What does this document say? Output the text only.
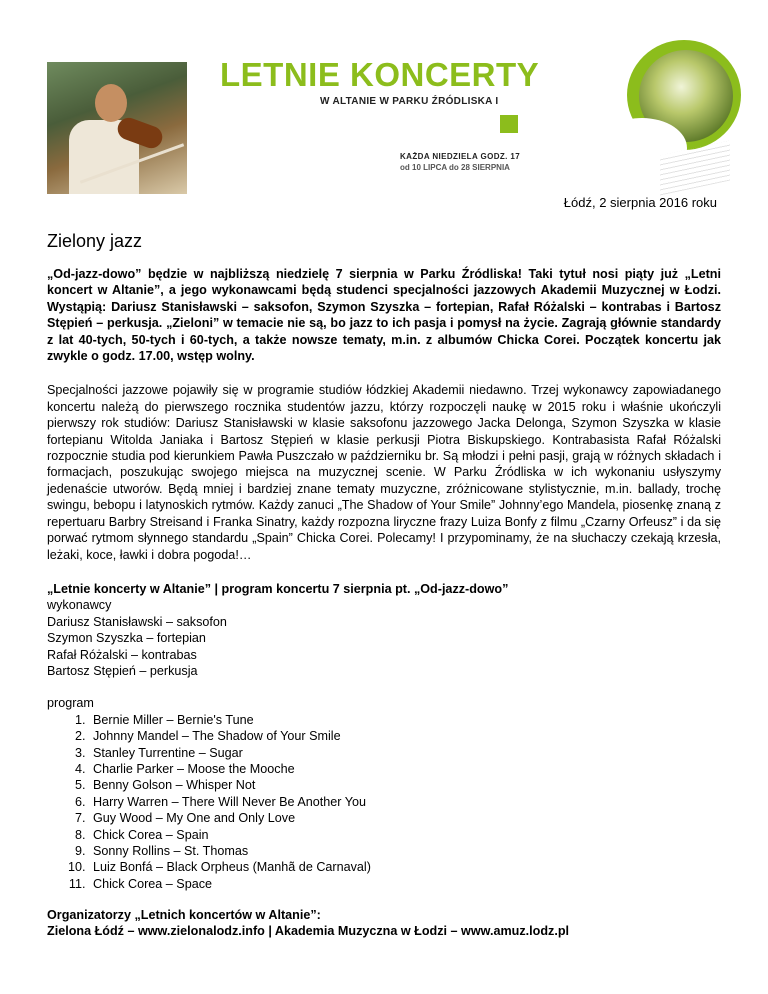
LETNIE KONCERTY
W ALTANIE W PARKU ŹRÓDLISKA I
KAŻDA NIEDZIELA GODZ. 17
od 10 LIPCA do 28 SIERPNIA
Łódź, 2 sierpnia 2016 roku
Zielony jazz

„Od-jazz-dowo” będzie w najbliższą niedzielę 7 sierpnia w Parku Źródliska! Taki tytuł nosi piąty już „Letni koncert w Altanie”, a jego wykonawcami będą studenci specjalności jazzowych Akademii Muzycznej w Łodzi. Wystąpią: Dariusz Stanisławski – saksofon, Szymon Szyszka – fortepian, Rafał Różalski – kontrabas i Bartosz Stępień – perkusja. „Zieloni” w temacie nie są, bo jazz to ich pasja i pomysł na życie. Zagrają głównie standardy z lat 40-tych, 50-tych i 60-tych, a także nowsze tematy, m.in. z albumów Chicka Corei. Początek koncertu jak zwykle o godz. 17.00, wstęp wolny.

Specjalności jazzowe pojawiły się w programie studiów łódzkiej Akademii niedawno. Trzej wykonawcy zapowiadanego koncertu należą do pierwszego rocznika studentów jazzu, którzy rozpoczęli naukę w 2015 roku i właśnie ukończyli pierwszy rok studiów: Dariusz Stanisławski w klasie saksofonu jazzowego Jacka Delonga, Szymon Szyszka w klasie fortepianu Witolda Janiaka i Bartosz Stępień w klasie perkusji Piotra Biskupskiego. Kontrabasista Rafał Różalski rozpocznie studia pod kierunkiem Pawła Puszczało w październiku br. Są młodzi i pełni pasji, grają w różnych składach i formacjach, poszukując swojego miejsca na muzycznej scenie. W Parku Źródliska w ich wykonaniu usłyszymy jedenaście utworów. Będą mniej i bardziej znane tematy muzyczne, zróżnicowane stylistycznie, m.in. ballady, trochę swingu, bebopu i latynoskich rytmów. Każdy zanuci „The Shadow of Your Smile” Johnny’ego Mandela, piosenkę znaną z repertuaru Barbry Streisand i Franka Sinatry, każdy rozpozna liryczne frazy Luiza Bonfy z filmu „Czarny Orfeusz” i da się porwać rytmom słynnego standardu „Spain” Chicka Corei. Polecamy! I przypominamy, że na słuchaczy czekają krzesła, leżaki, koce, ławki i dobra pogoda!…

„Letnie koncerty w Altanie” | program koncertu 7 sierpnia pt. „Od-jazz-dowo”

wykonawcy

Dariusz Stanisławski – saksofon

Szymon Szyszka – fortepian

Rafał Różalski – kontrabas

Bartosz Stępień – perkusja

program

1. Bernie Miller – Bernie's Tune
2. Johnny Mandel – The Shadow of Your Smile
3. Stanley Turrentine – Sugar
4. Charlie Parker – Moose the Mooche
5. Benny Golson – Whisper Not
6. Harry Warren – There Will Never Be Another You
7. Guy Wood – My One and Only Love
8. Chick Corea – Spain
9. Sonny Rollins – St. Thomas
10. Luiz Bonfá – Black Orpheus (Manhã de Carnaval)
11. Chick Corea – Space
Organizatorzy „Letnich koncertów w Altanie”:
Zielona Łódź – www.zielonalodz.info | Akademia Muzyczna w Łodzi – www.amuz.lodz.pl
